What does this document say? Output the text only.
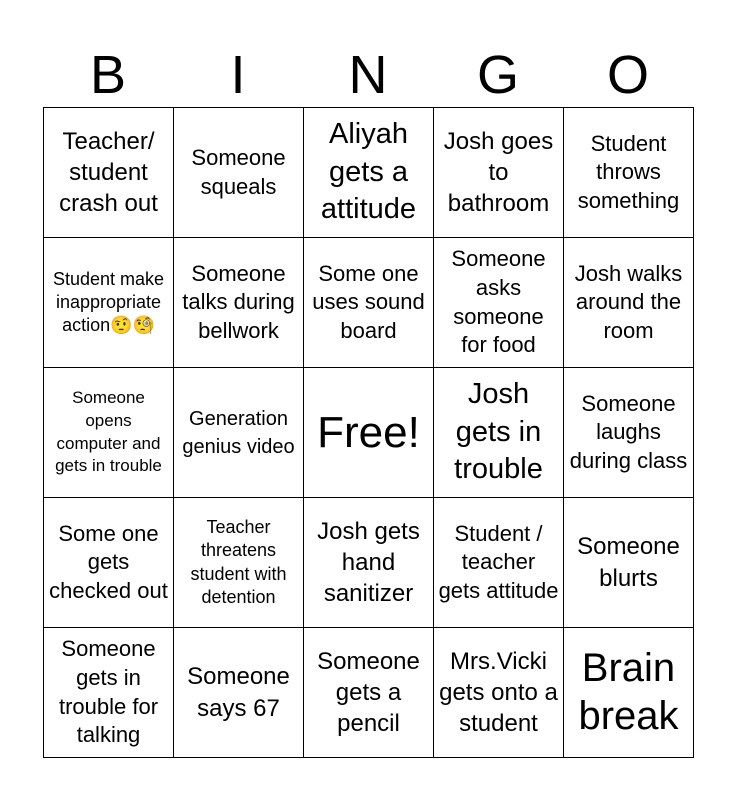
B	I	N	G	O
Teacher/ student crash out	Someone squeals	Aliyah gets a attitude	Josh goes to bathroom	Student throws something
Student make inappropriate action🤨🧐	Someone talks during bellwork	Some one uses sound board	Someone asks someone for food	Josh walks around the room
Someone opens computer and gets in trouble	Generation genius video	Free!	Josh gets in trouble	Someone laughs during class
Some one gets checked out	Teacher threatens student with detention	Josh gets hand sanitizer	Student / teacher gets attitude	Someone blurts
Someone gets in trouble for talking	Someone says 67	Someone gets a pencil	Mrs.Vicki gets onto a student	Brain break
